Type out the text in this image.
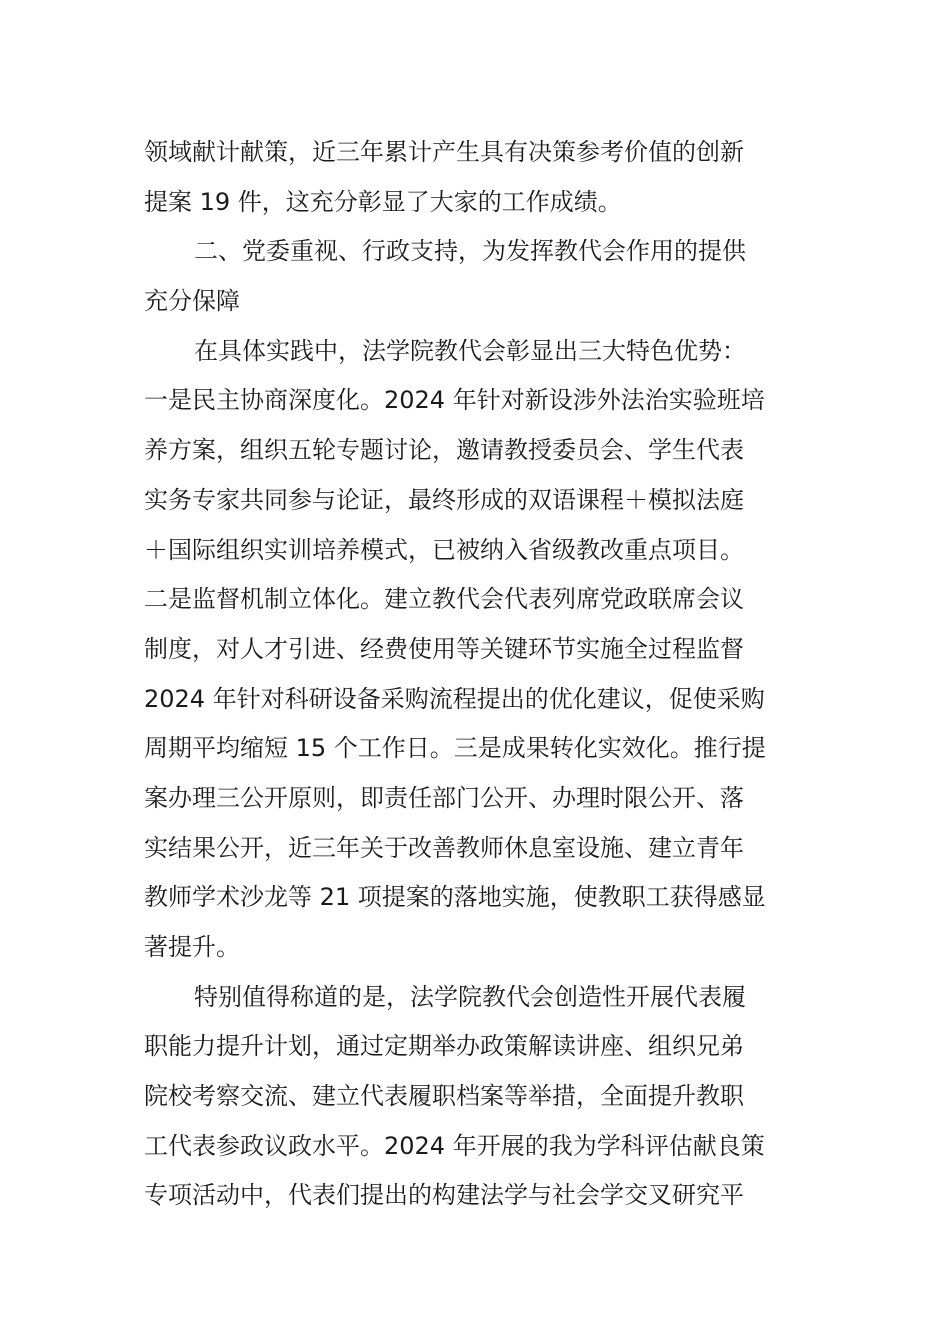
领域献计献策，近三年累计产生具有决策参考价值的创新
提案 19 件，这充分彰显了大家的工作成绩。
二、党委重视、行政支持，为发挥教代会作用的提供
充分保障
在具体实践中，法学院教代会彰显出三大特色优势：
一是民主协商深度化。2024 年针对新设涉外法治实验班培
养方案，组织五轮专题讨论，邀请教授委员会、学生代表
实务专家共同参与论证，最终形成的双语课程＋模拟法庭
＋国际组织实训培养模式，已被纳入省级教改重点项目。
二是监督机制立体化。建立教代会代表列席党政联席会议
制度，对人才引进、经费使用等关键环节实施全过程监督
2024 年针对科研设备采购流程提出的优化建议，促使采购
周期平均缩短 15 个工作日。三是成果转化实效化。推行提
案办理三公开原则，即责任部门公开、办理时限公开、落
实结果公开，近三年关于改善教师休息室设施、建立青年
教师学术沙龙等 21 项提案的落地实施，使教职工获得感显
著提升。
特别值得称道的是，法学院教代会创造性开展代表履
职能力提升计划，通过定期举办政策解读讲座、组织兄弟
院校考察交流、建立代表履职档案等举措，全面提升教职
工代表参政议政水平。2024 年开展的我为学科评估献良策
专项活动中，代表们提出的构建法学与社会学交叉研究平
